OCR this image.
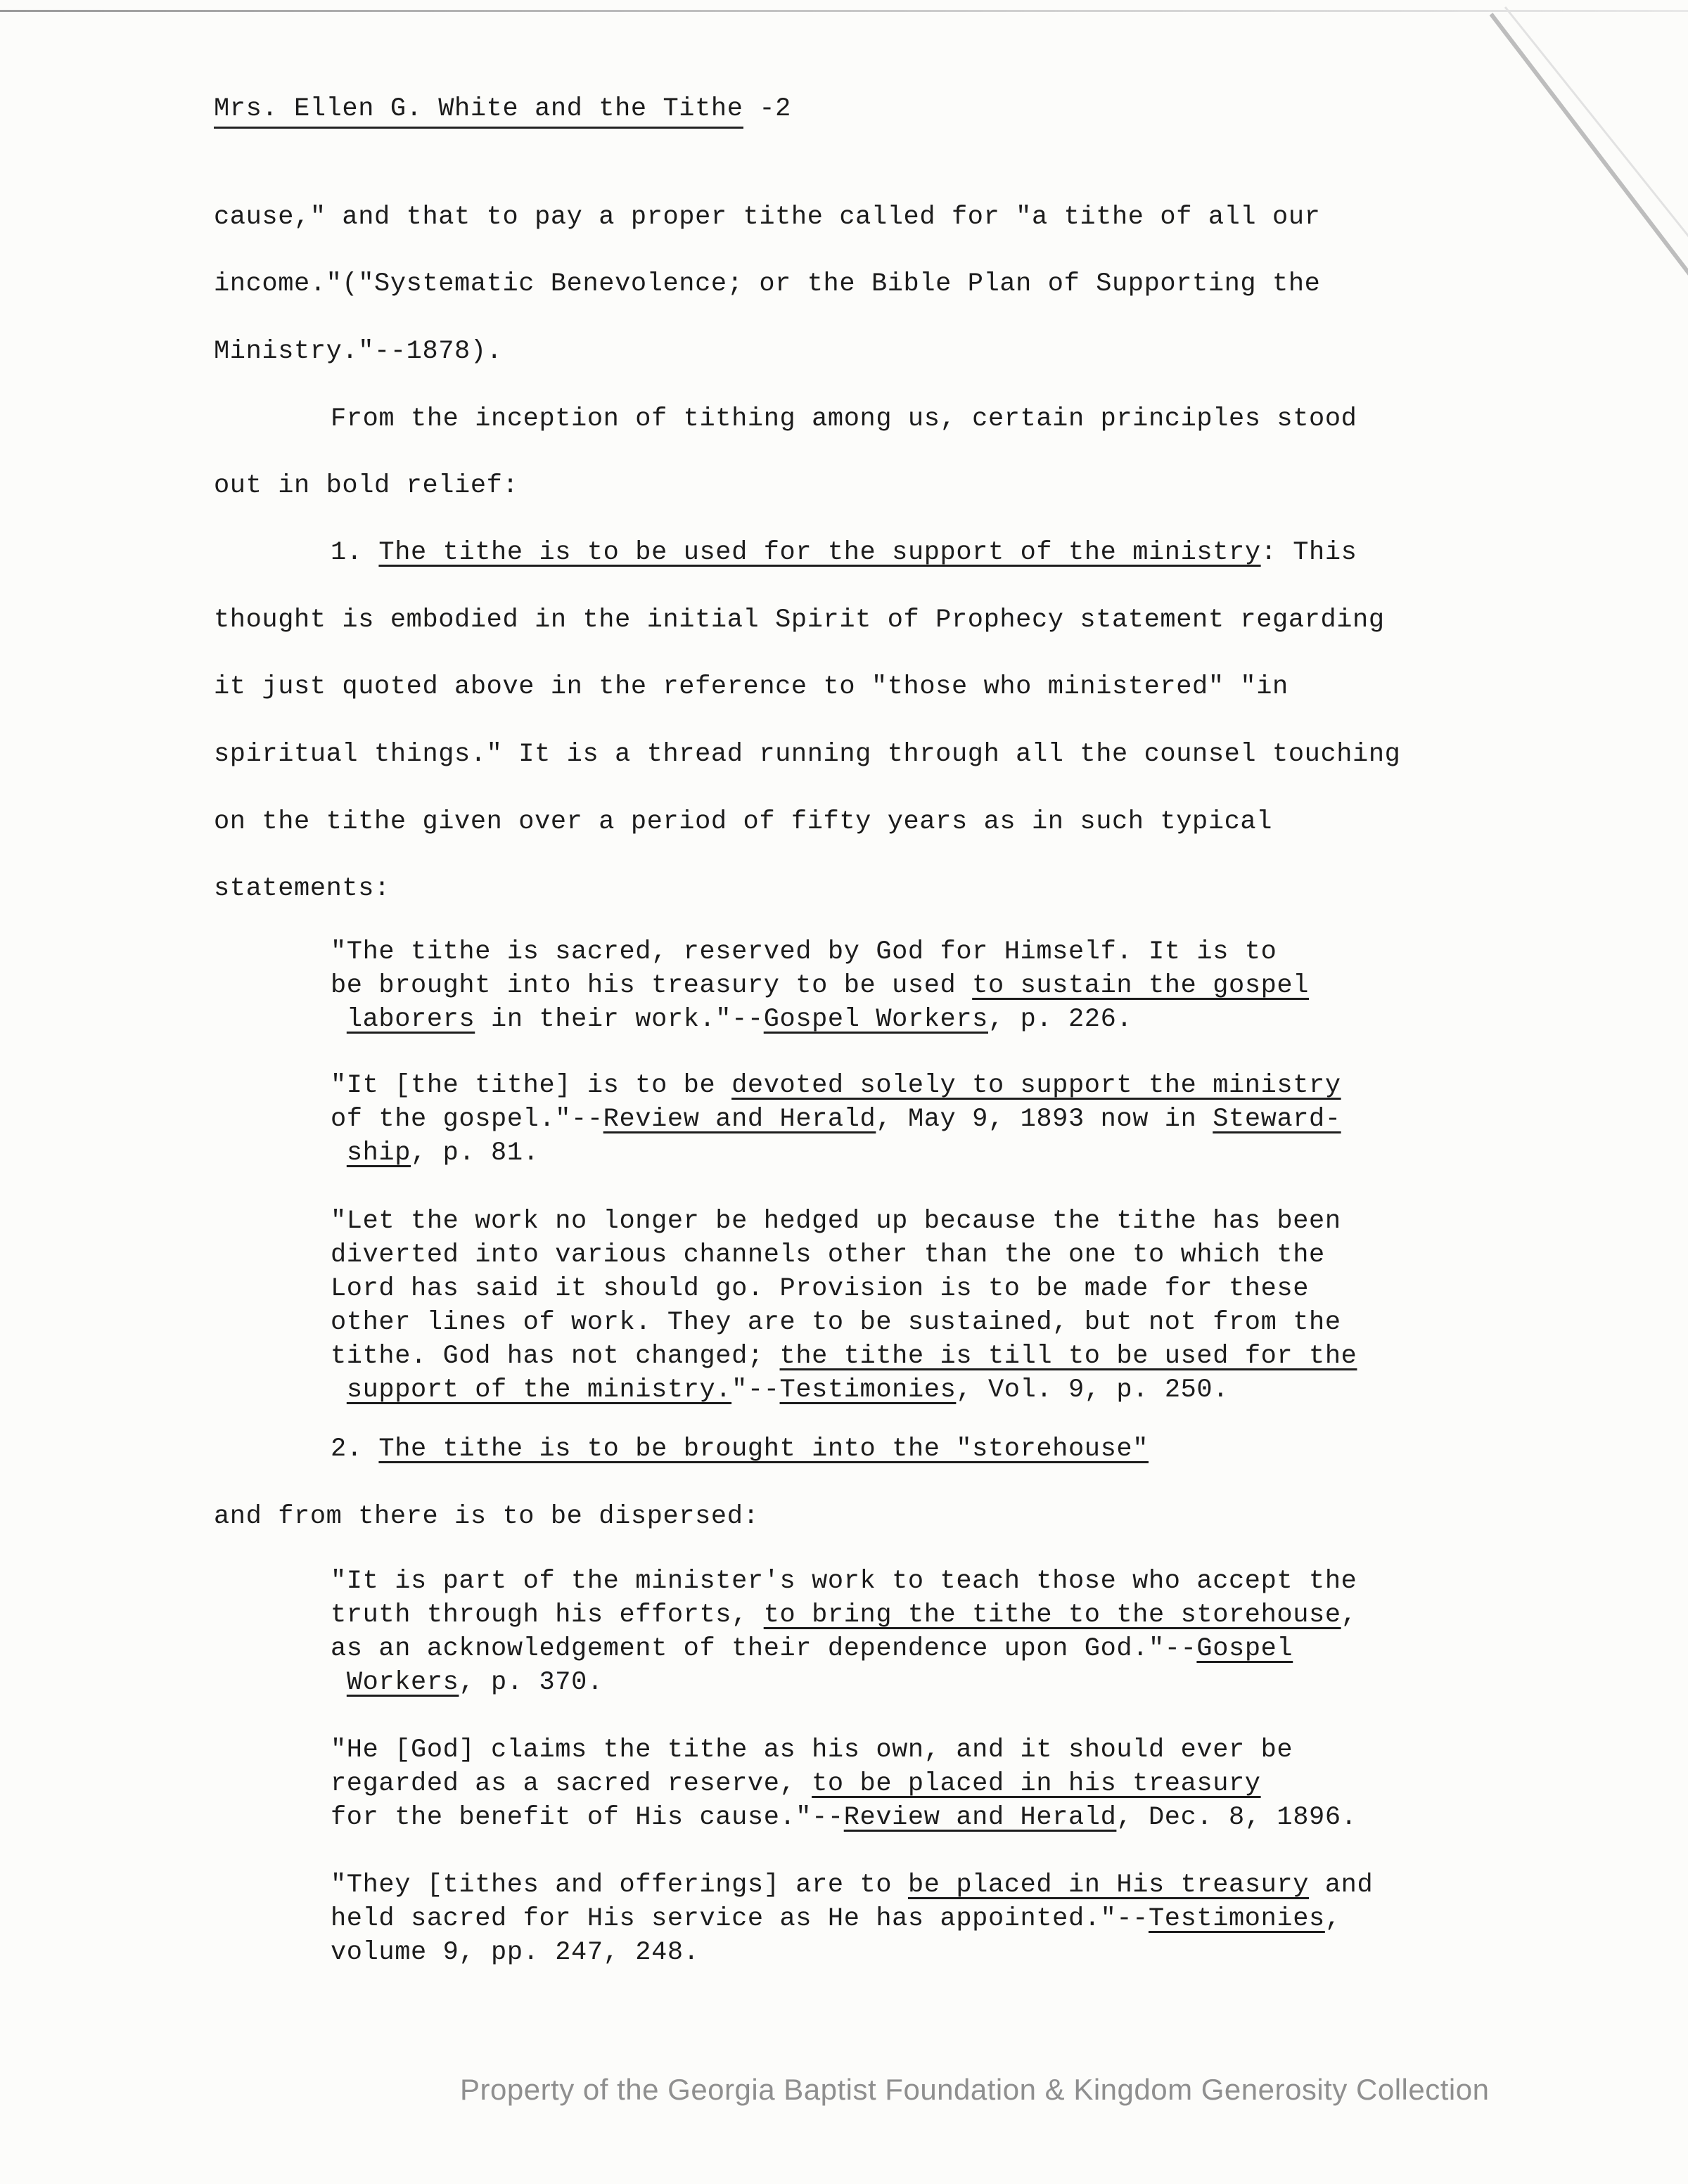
Mrs. Ellen G. White and the Tithe -2
cause," and that to pay a proper tithe called for "a tithe of all our
income."("Systematic Benevolence; or the Bible Plan of Supporting the
Ministry."--1878).
From the inception of tithing among us, certain principles stood
out in bold relief:
1. The tithe is to be used for the support of the ministry: This
thought is embodied in the initial Spirit of Prophecy statement regarding
it just quoted above in the reference to "those who ministered" "in
spiritual things." It is a thread running through all the counsel touching
on the tithe given over a period of fifty years as in such typical
statements:
"The tithe is sacred, reserved by God for Himself. It is to
be brought into his treasury to be used to sustain the gospel
laborers in their work."--Gospel Workers, p. 226.
"It [the tithe] is to be devoted solely to support the ministry
of the gospel."--Review and Herald, May 9, 1893 now in Steward-
ship, p. 81.
"Let the work no longer be hedged up because the tithe has been
diverted into various channels other than the one to which the
Lord has said it should go. Provision is to be made for these
other lines of work. They are to be sustained, but not from the
tithe. God has not changed; the tithe is till to be used for the
support of the ministry."--Testimonies, Vol. 9, p. 250.
2. The tithe is to be brought into the "storehouse"
and from there is to be dispersed:
"It is part of the minister's work to teach those who accept the
truth through his efforts, to bring the tithe to the storehouse,
as an acknowledgement of their dependence upon God."--Gospel
Workers, p. 370.
"He [God] claims the tithe as his own, and it should ever be
regarded as a sacred reserve, to be placed in his treasury
for the benefit of His cause."--Review and Herald, Dec. 8, 1896.
"They [tithes and offerings] are to be placed in His treasury and
held sacred for His service as He has appointed."--Testimonies,
volume 9, pp. 247, 248.
Property of the Georgia Baptist Foundation & Kingdom Generosity Collection
